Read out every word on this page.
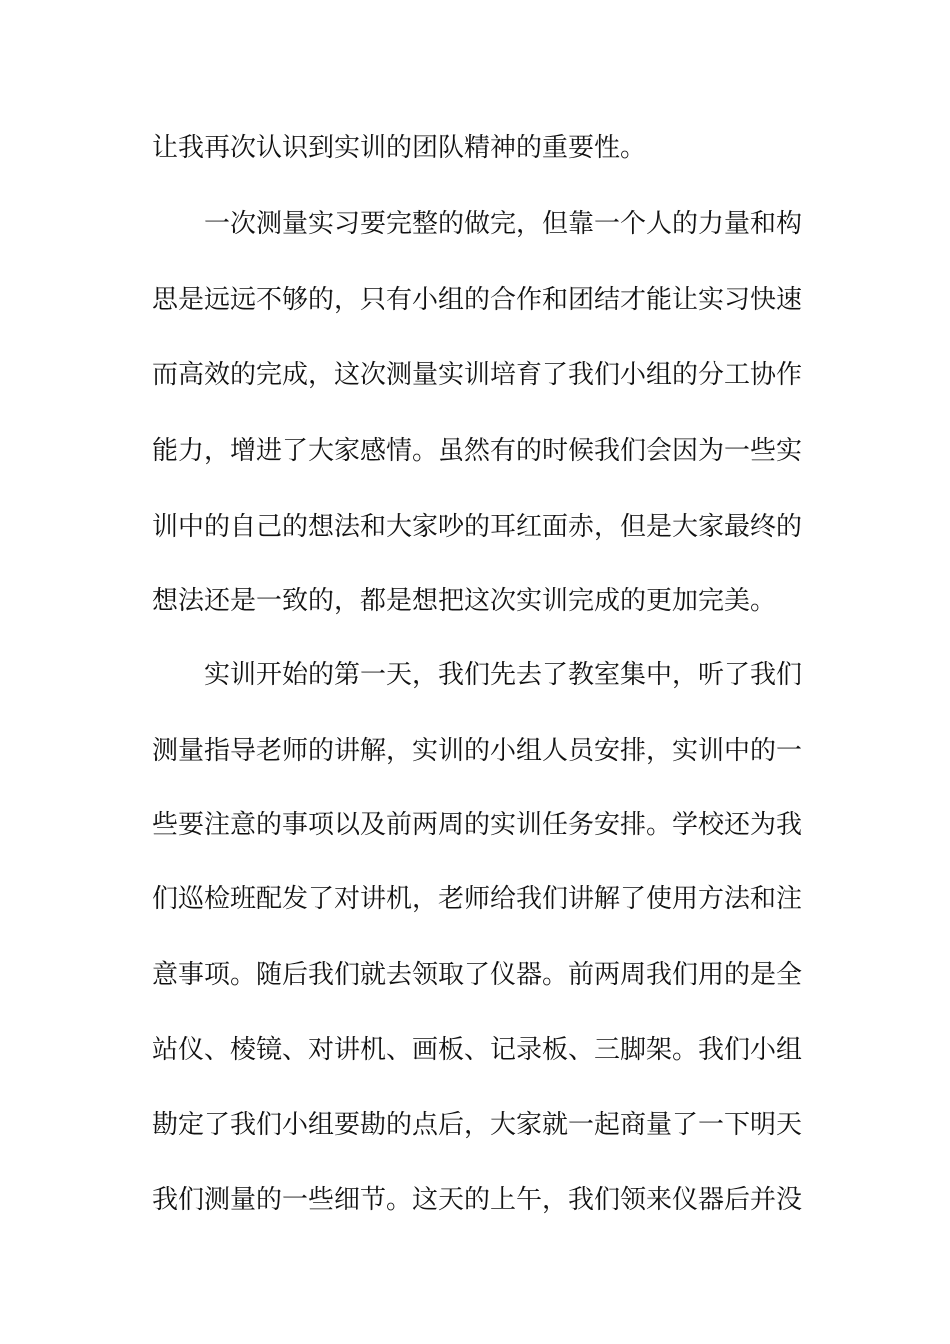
让我再次认识到实训的团队精神的重要性。
　　一次测量实习要完整的做完，但靠一个人的力量和构
思是远远不够的，只有小组的合作和团结才能让实习快速
而高效的完成，这次测量实训培育了我们小组的分工协作
能力，增进了大家感情。虽然有的时候我们会因为一些实
训中的自己的想法和大家吵的耳红面赤，但是大家最终的
想法还是一致的，都是想把这次实训完成的更加完美。
　　实训开始的第一天，我们先去了教室集中，听了我们
测量指导老师的讲解，实训的小组人员安排，实训中的一
些要注意的事项以及前两周的实训任务安排。学校还为我
们巡检班配发了对讲机，老师给我们讲解了使用方法和注
意事项。随后我们就去领取了仪器。前两周我们用的是全
站仪、棱镜、对讲机、画板、记录板、三脚架。我们小组
勘定了我们小组要勘的点后，大家就一起商量了一下明天
我们测量的一些细节。这天的上午，我们领来仪器后并没
